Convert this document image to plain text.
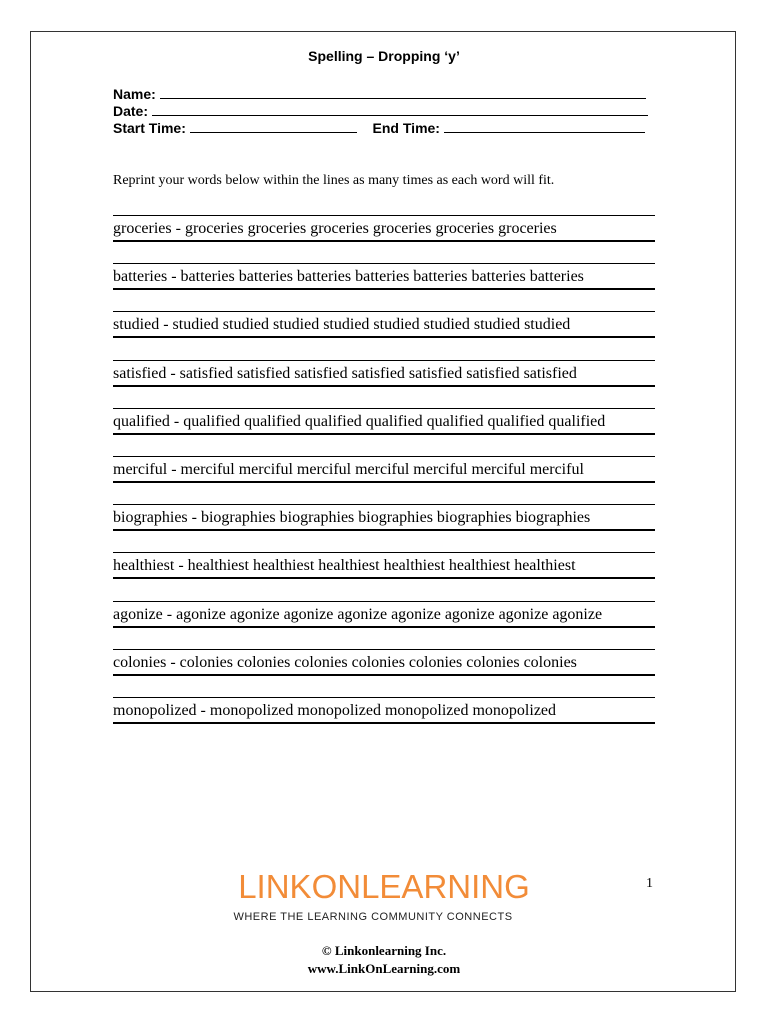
Spelling – Dropping ‘y’
Name:
Date:
Start Time:	End Time:
Reprint your words below within the lines as many times as each word will fit.
groceries - groceries groceries groceries groceries groceries groceries
batteries - batteries batteries batteries batteries batteries batteries batteries
studied - studied studied studied studied studied studied studied studied
satisfied - satisfied satisfied satisfied satisfied satisfied satisfied satisfied
qualified - qualified qualified qualified qualified qualified qualified qualified
merciful - merciful merciful merciful merciful merciful merciful merciful
biographies - biographies biographies biographies biographies biographies
healthiest - healthiest healthiest healthiest healthiest healthiest healthiest
agonize - agonize agonize agonize agonize agonize agonize agonize agonize
colonies - colonies colonies colonies colonies colonies colonies colonies
monopolized - monopolized monopolized monopolized monopolized
LINKONLEARNING
WHERE THE LEARNING COMMUNITY CONNECTS
1
© Linkonlearning Inc.
www.LinkOnLearning.com
